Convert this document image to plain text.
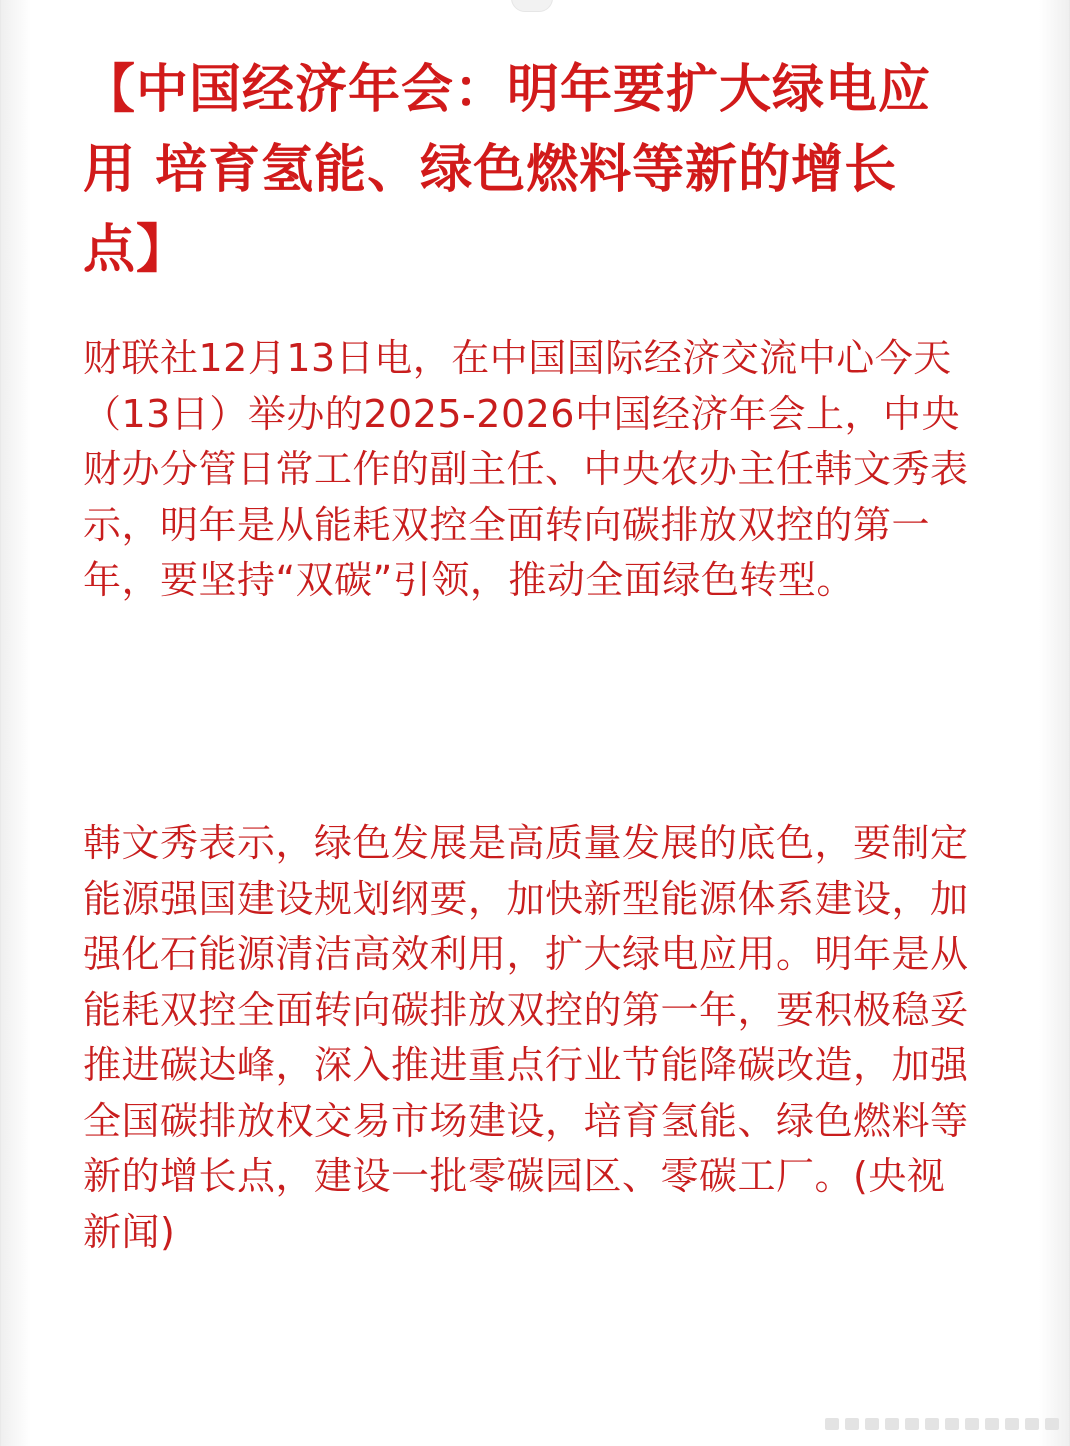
【中国经济年会：明年要扩大绿电应用 培育氢能、绿色燃料等新的增长点】

财联社12月13日电，在中国国际经济交流中心今天（13日）举办的2025-2026中国经济年会上，中央财办分管日常工作的副主任、中央农办主任韩文秀表示，明年是从能耗双控全面转向碳排放双控的第一年，要坚持“双碳”引领，推动全面绿色转型。

韩文秀表示，绿色发展是高质量发展的底色，要制定能源强国建设规划纲要，加快新型能源体系建设，加强化石能源清洁高效利用，扩大绿电应用。明年是从能耗双控全面转向碳排放双控的第一年，要积极稳妥推进碳达峰，深入推进重点行业节能降碳改造，加强全国碳排放权交易市场建设，培育氢能、绿色燃料等新的增长点，建设一批零碳园区、零碳工厂。(央视新闻)
